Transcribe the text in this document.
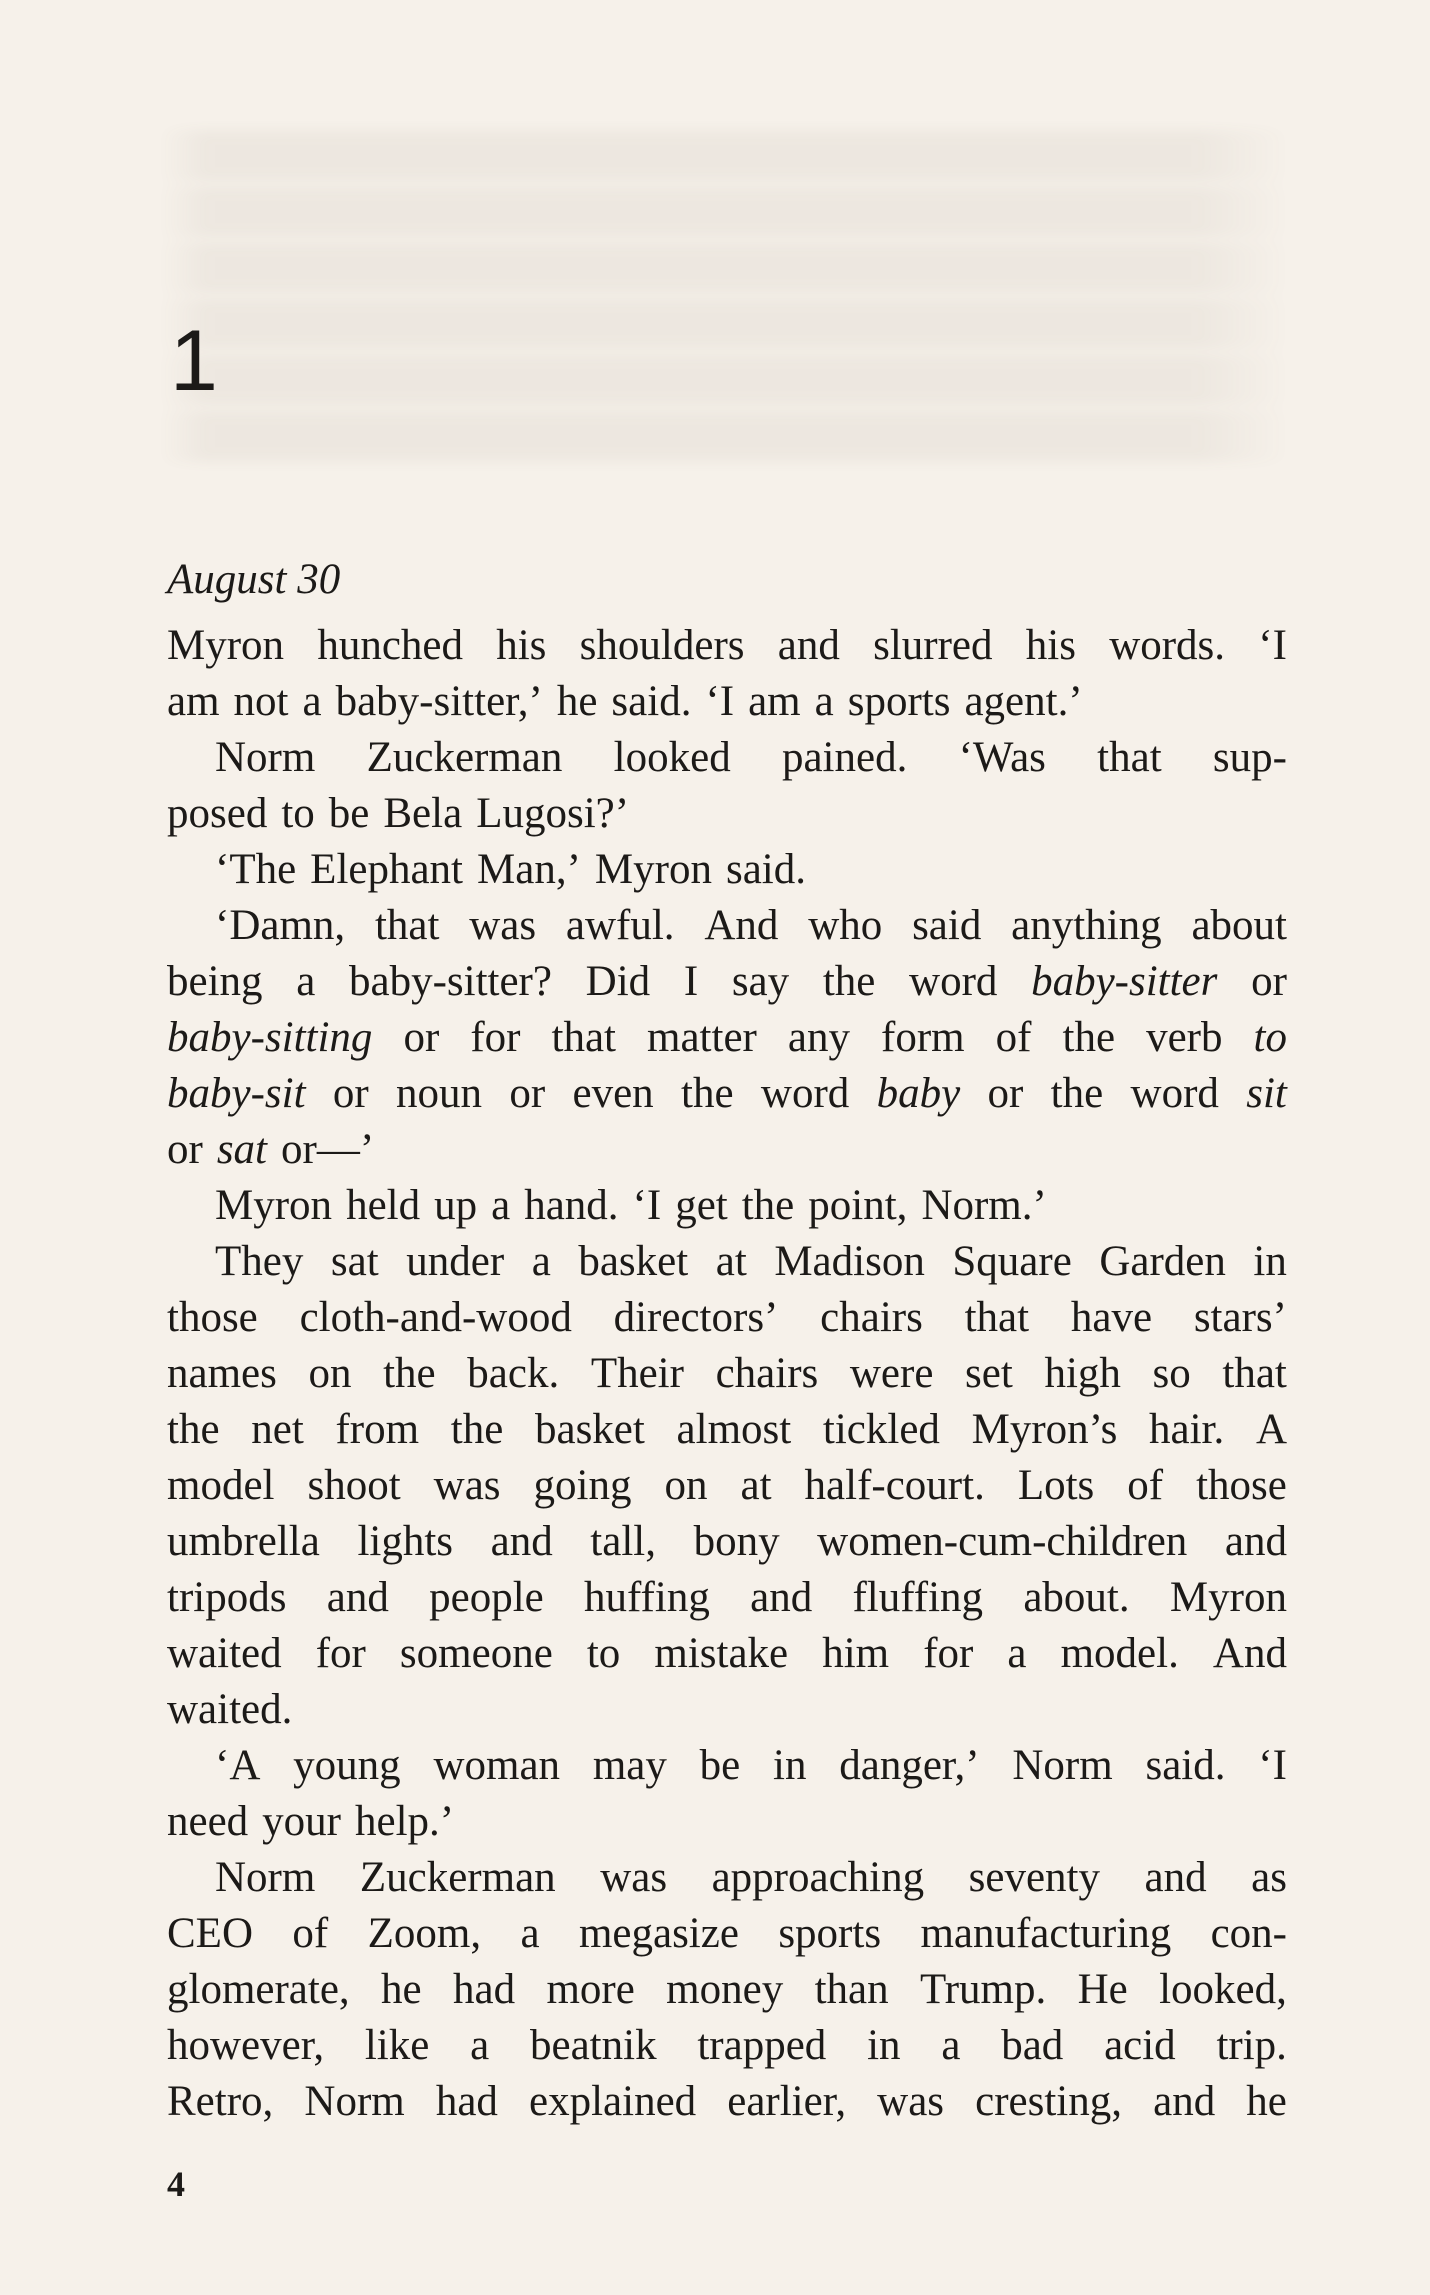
1
August 30
Myron hunched his shoulders and slurred his words. ‘I
am not a baby-sitter,’ he said. ‘I am a sports agent.’
Norm Zuckerman looked pained. ‘Was that sup-
posed to be Bela Lugosi?’
‘The Elephant Man,’ Myron said.
‘Damn, that was awful. And who said anything about
being a baby-sitter? Did I say the word baby-sitter or
baby-sitting or for that matter any form of the verb to
baby-sit or noun or even the word baby or the word sit
or sat or—’
Myron held up a hand. ‘I get the point, Norm.’
They sat under a basket at Madison Square Garden in
those cloth-and-wood directors’ chairs that have stars’
names on the back. Their chairs were set high so that
the net from the basket almost tickled Myron’s hair. A
model shoot was going on at half-court. Lots of those
umbrella lights and tall, bony women-cum-children and
tripods and people huffing and fluffing about. Myron
waited for someone to mistake him for a model. And
waited.
‘A young woman may be in danger,’ Norm said. ‘I
need your help.’
Norm Zuckerman was approaching seventy and as
CEO of Zoom, a megasize sports manufacturing con-
glomerate, he had more money than Trump. He looked,
however, like a beatnik trapped in a bad acid trip.
Retro, Norm had explained earlier, was cresting, and he
4
